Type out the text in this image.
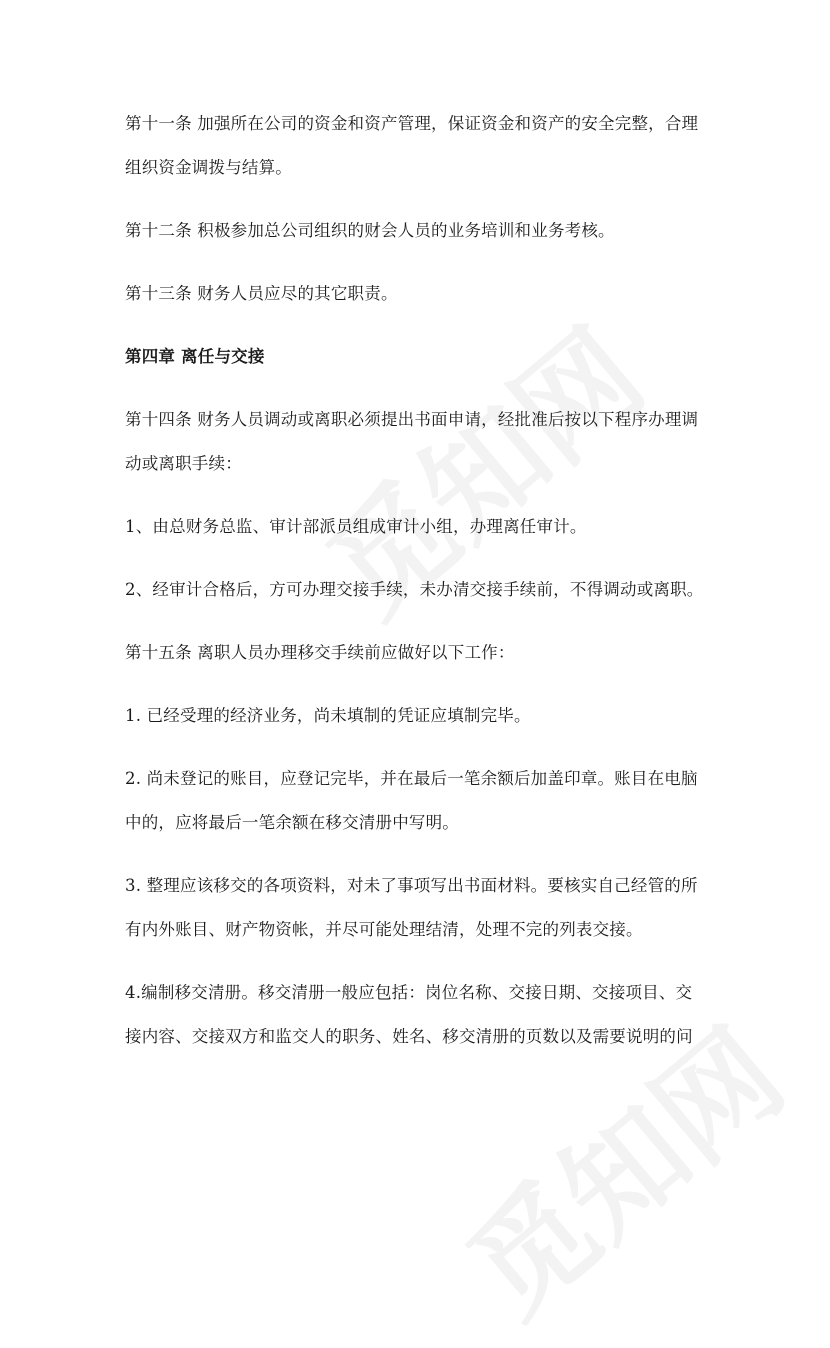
第十一条 加强所在公司的资金和资产管理，保证资金和资产的安全完整，合理
组织资金调拨与结算。
第十二条 积极参加总公司组织的财会人员的业务培训和业务考核。
第十三条 财务人员应尽的其它职责。
第四章 离任与交接
第十四条 财务人员调动或离职必须提出书面申请，经批准后按以下程序办理调
动或离职手续：
1、由总财务总监、审计部派员组成审计小组，办理离任审计。
2、经审计合格后，方可办理交接手续，未办清交接手续前，不得调动或离职。
第十五条 离职人员办理移交手续前应做好以下工作：
1. 已经受理的经济业务，尚未填制的凭证应填制完毕。
2. 尚未登记的账目，应登记完毕，并在最后一笔余额后加盖印章。账目在电脑
中的，应将最后一笔余额在移交清册中写明。
3. 整理应该移交的各项资料，对未了事项写出书面材料。要核实自己经管的所
有内外账目、财产物资帐，并尽可能处理结清，处理不完的列表交接。
4.编制移交清册。移交清册一般应包括：岗位名称、交接日期、交接项目、交
接内容、交接双方和监交人的职务、姓名、移交清册的页数以及需要说明的问
